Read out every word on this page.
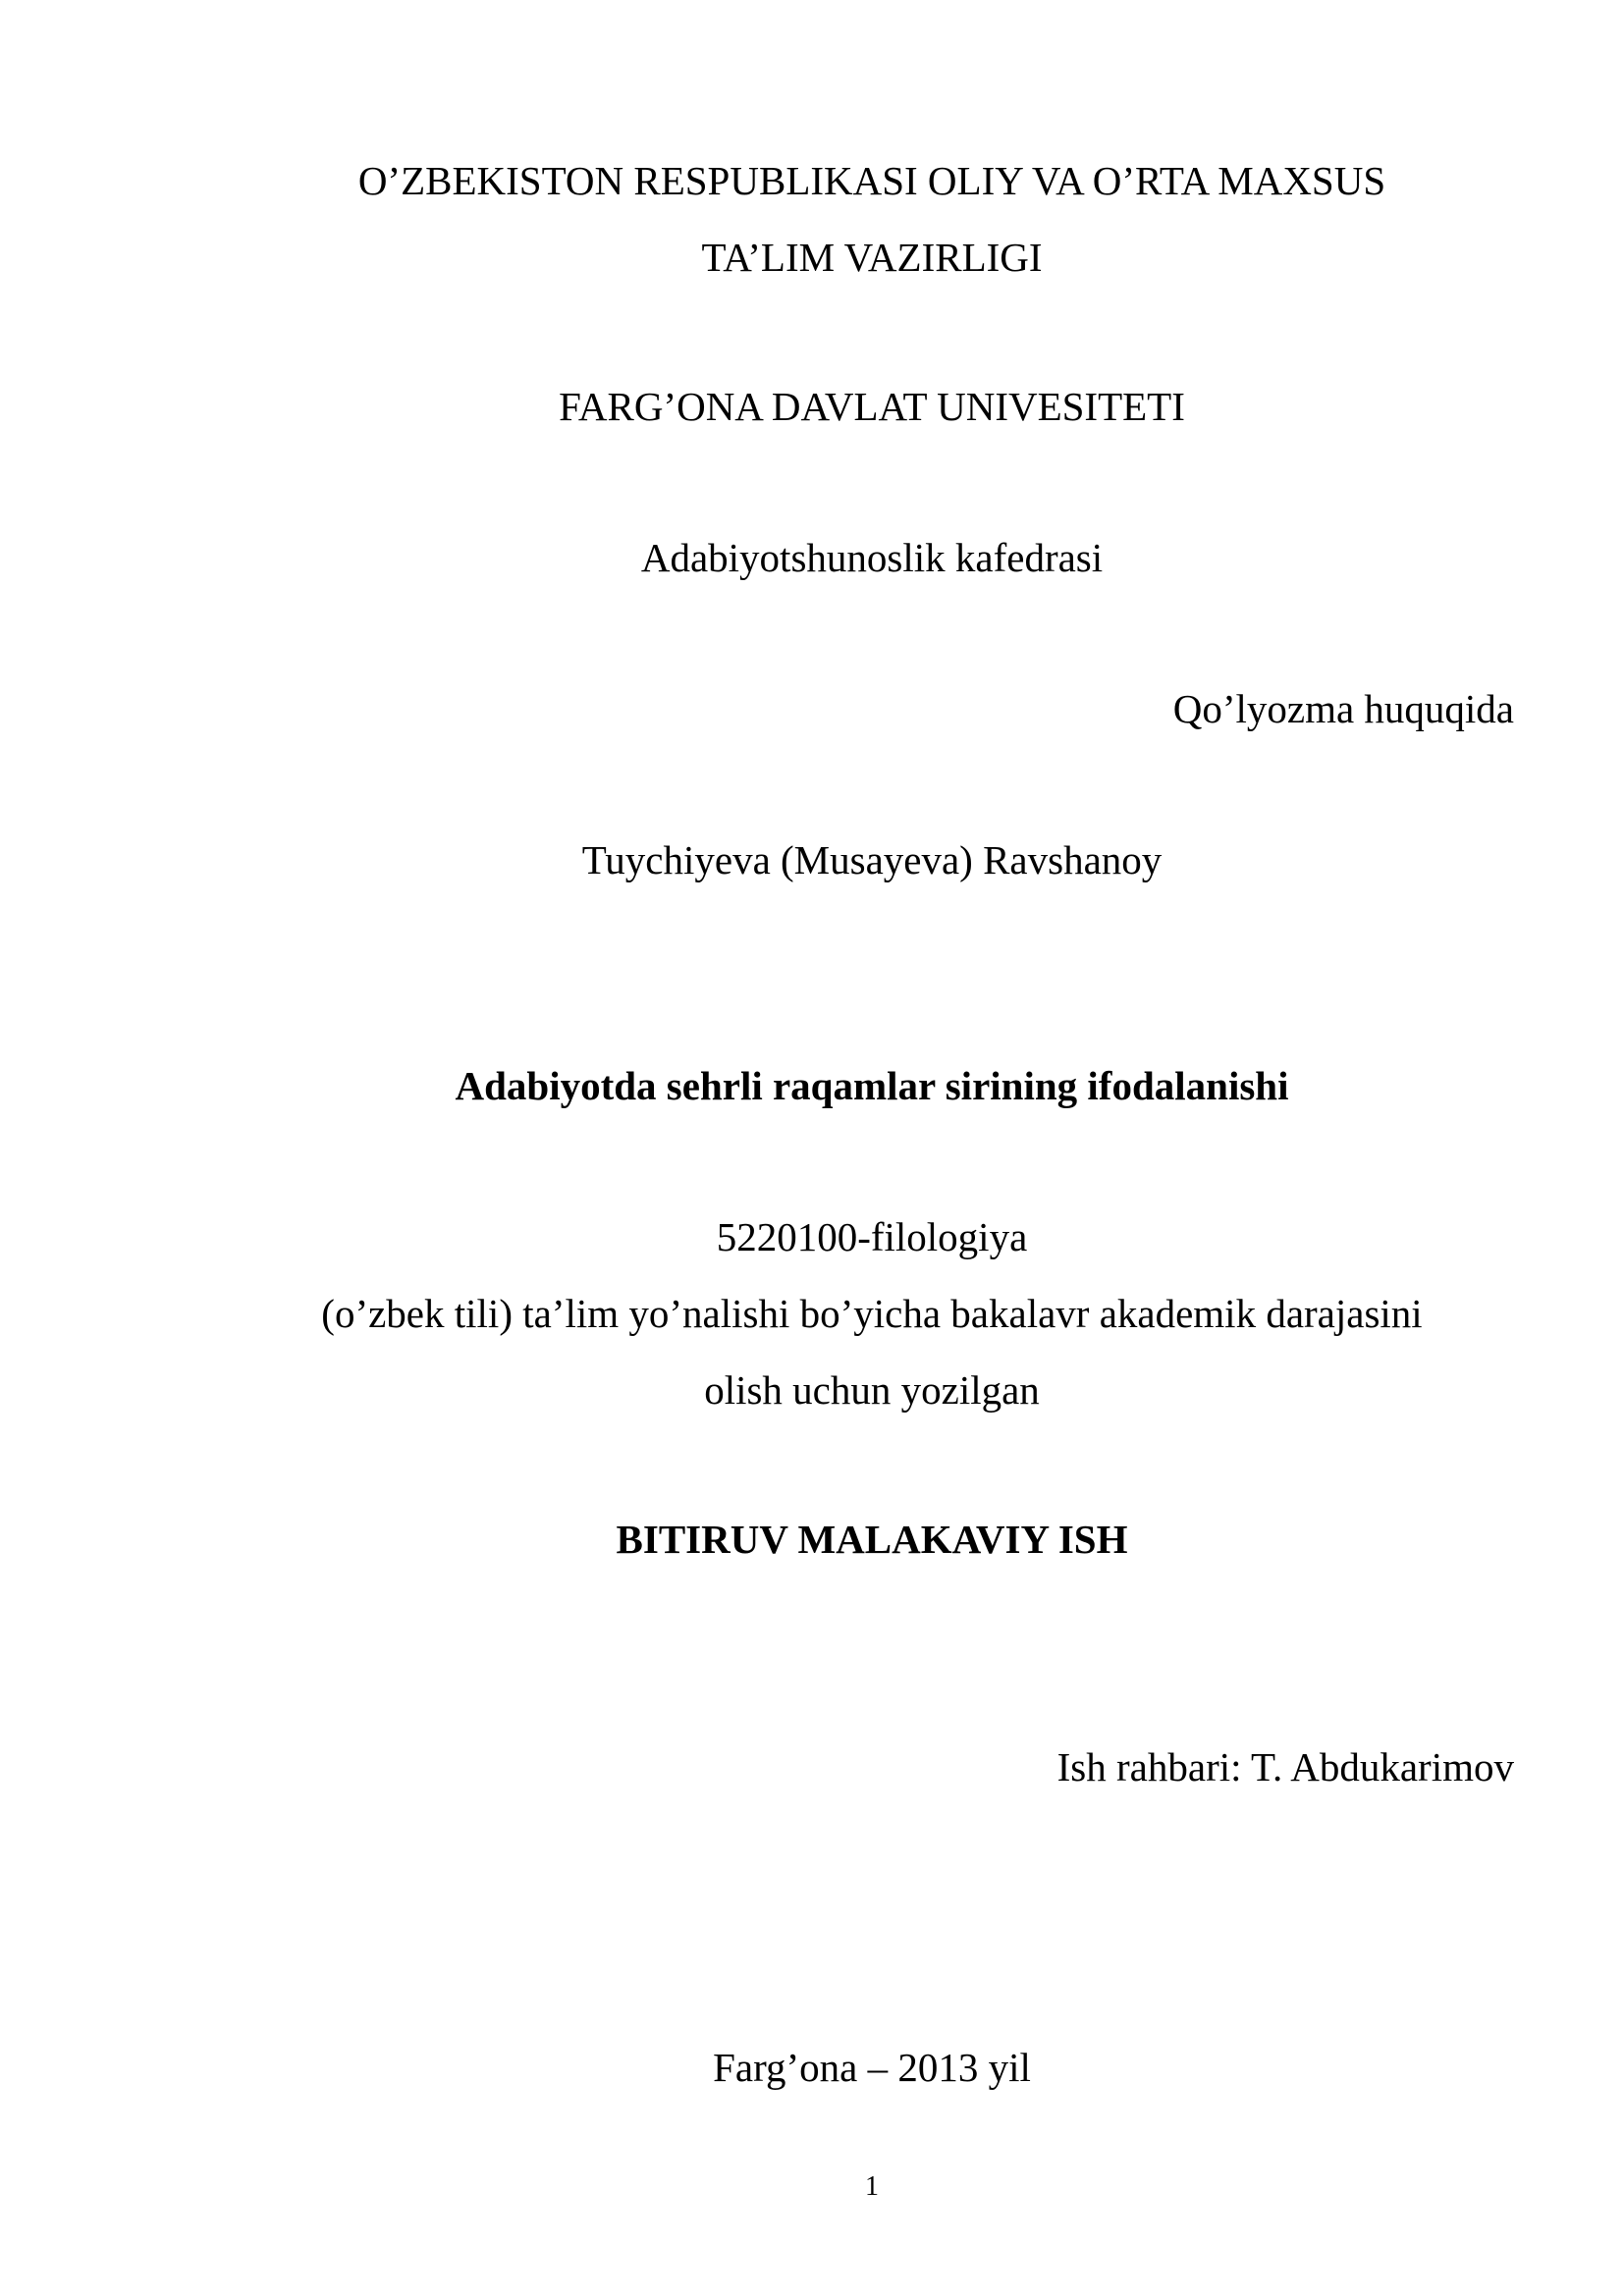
O’ZBEKISTON RESPUBLIKASI OLIY VA O’RTA MAXSUS
TA’LIM VAZIRLIGI
FARG’ONA DAVLAT UNIVESITETI
Adabiyotshunoslik kafedrasi
Qo’lyozma huquqida
Tuychiyeva (Musayeva) Ravshanoy
Adabiyotda sehrli raqamlar sirining ifodalanishi
5220100-filologiya
(o’zbek tili) ta’lim yo’nalishi bo’yicha bakalavr akademik darajasini
olish uchun yozilgan
BITIRUV MALAKAVIY ISH
Ish rahbari: T. Abdukarimov
Farg’ona – 2013 yil
1
